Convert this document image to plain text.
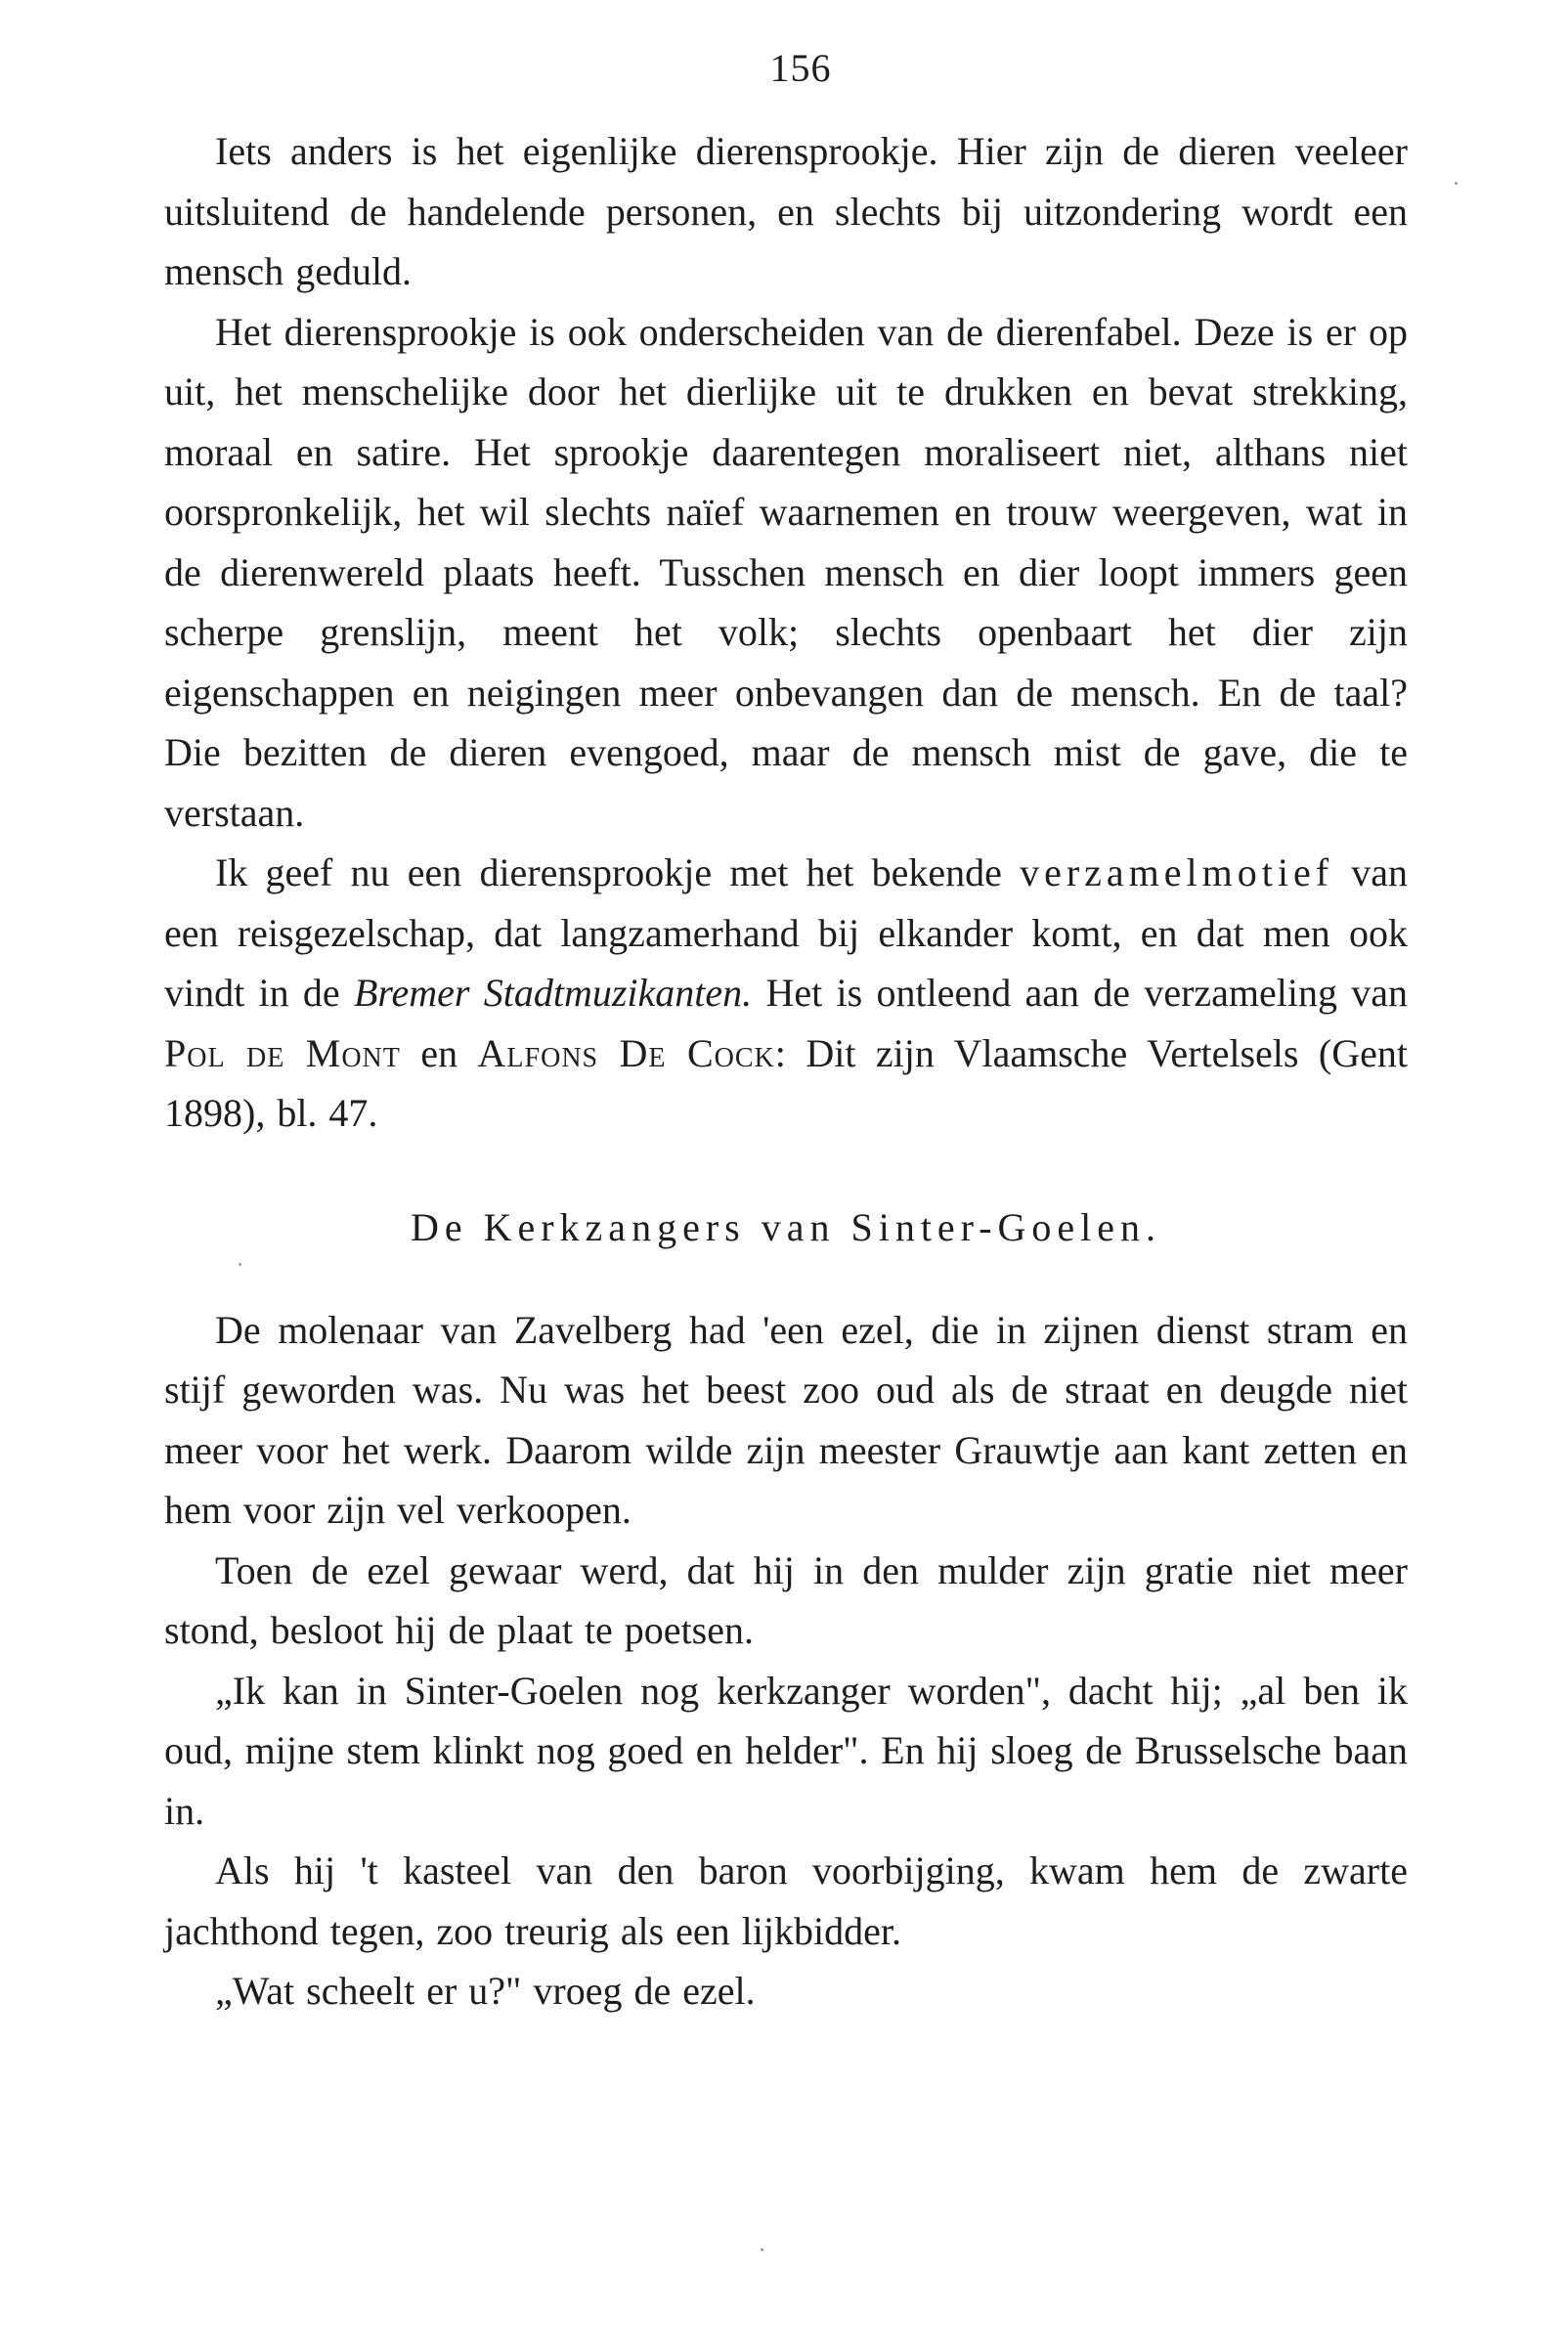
156

Iets anders is het eigenlijke dierensprookje. Hier zijn de dieren veeleer uitsluitend de handelende personen, en slechts bij uitzondering wordt een mensch geduld.

Het dierensprookje is ook onderscheiden van de dierenfabel. Deze is er op uit, het menschelijke door het dierlijke uit te drukken en bevat strekking, moraal en satire. Het sprookje daarentegen moraliseert niet, althans niet oorspronkelijk, het wil slechts naïef waarnemen en trouw weergeven, wat in de dierenwereld plaats heeft. Tusschen mensch en dier loopt immers geen scherpe grenslijn, meent het volk; slechts openbaart het dier zijn eigenschappen en neigingen meer onbevangen dan de mensch. En de taal? Die bezitten de dieren evengoed, maar de mensch mist de gave, die te verstaan.

Ik geef nu een dierensprookje met het bekende verzamelmotief van een reisgezelschap, dat langzamerhand bij elkander komt, en dat men ook vindt in de Bremer Stadtmuzikanten. Het is ontleend aan de verzameling van Pol de Mont en Alfons De Cock: Dit zijn Vlaamsche Vertelsels (Gent 1898), bl. 47.

De Kerkzangers van Sinter-Goelen.

De molenaar van Zavelberg had 'een ezel, die in zijnen dienst stram en stijf geworden was. Nu was het beest zoo oud als de straat en deugde niet meer voor het werk. Daarom wilde zijn meester Grauwtje aan kant zetten en hem voor zijn vel verkoopen.

Toen de ezel gewaar werd, dat hij in den mulder zijn gratie niet meer stond, besloot hij de plaat te poetsen.

„Ik kan in Sinter-Goelen nog kerkzanger worden", dacht hij; „al ben ik oud, mijne stem klinkt nog goed en helder". En hij sloeg de Brusselsche baan in.

Als hij 't kasteel van den baron voorbijging, kwam hem de zwarte jachthond tegen, zoo treurig als een lijkbidder.

„Wat scheelt er u?" vroeg de ezel.
